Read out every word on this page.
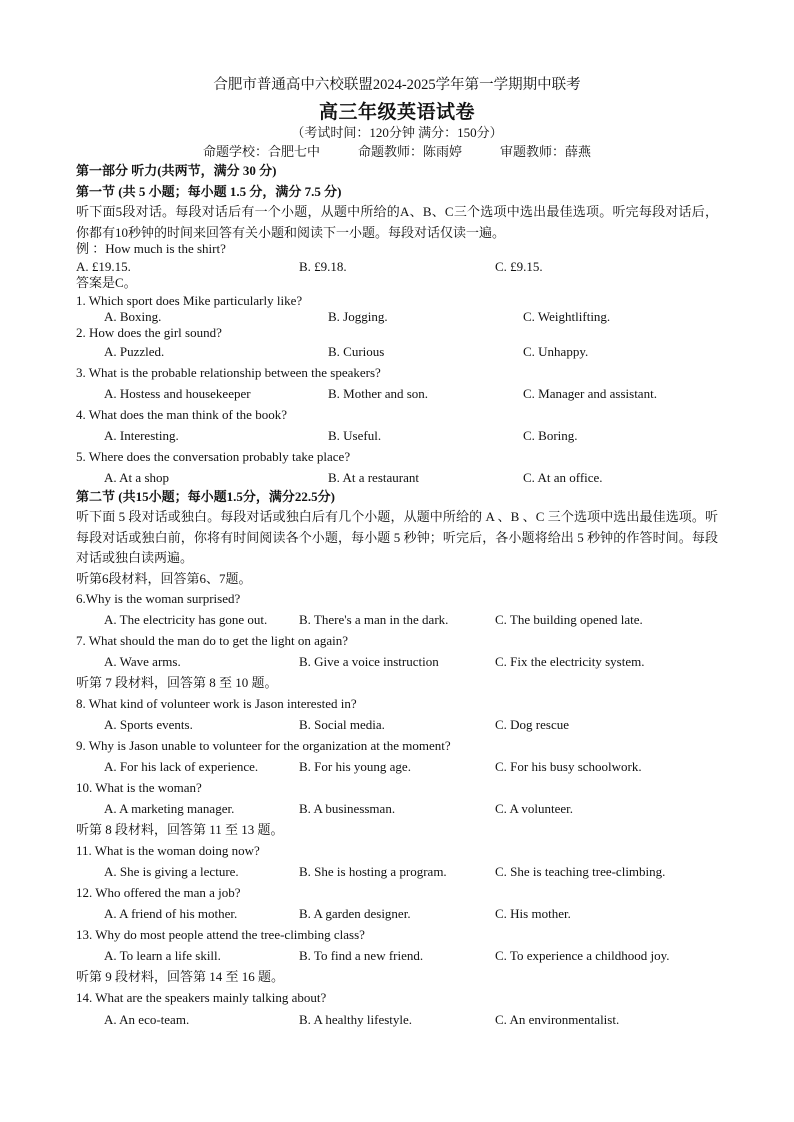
合肥市普通高中六校联盟2024-2025学年第一学期期中联考
高三年级英语试卷
（考试时间：120分钟 满分：150分）
命题学校：合肥七中	命题教师：陈雨婷	审题教师：薛燕
第一部分 听力(共两节，满分 30 分)
第一节 (共 5 小题；每小题 1.5 分，满分 7.5 分)
听下面5段对话。每段对话后有一个小题，从题中所给的A、B、C三个选项中选出最佳选项。听完每段对话后，你都有10秒钟的时间来回答有关小题和阅读下一小题。每段对话仅读一遍。
例 ：How much is the shirt?
A. £19.15.	B. £9.18.	C. £9.15.
答案是C。
1. Which sport does Mike particularly like?
A. Boxing.	B. Jogging.	C. Weightlifting.
2. How does the girl sound?
A. Puzzled.	B. Curious	C. Unhappy.
3. What is the probable relationship between the speakers?
A. Hostess and housekeeper	B. Mother and son.	C. Manager and assistant.
4. What does the man think of the book?
A. Interesting.	B. Useful.	C. Boring.
5. Where does the conversation probably take place?
A. At a shop	B. At a restaurant	C. At an office.
第二节 (共15小题；每小题1.5分，满分22.5分)
听下面 5 段对话或独白。每段对话或独白后有几个小题，从题中所给的 A 、B 、C 三个选项中选出最佳选项。听每段对话或独白前，你将有时间阅读各个小题，每小题 5 秒钟；听完后，各小题将给出 5 秒钟的作答时间。每段对话或独白读两遍。
听第6段材料，回答第6、7题。
6.Why is the woman surprised?
A. The electricity has gone out. B. There's a man in the dark.	C. The building opened late.
7. What should the man do to get the light on again?
A. Wave arms.	B. Give a voice instruction	C. Fix the electricity system.
听第 7 段材料，回答第 8 至 10 题。
8. What kind of volunteer work is Jason interested in?
A. Sports events.	B. Social media.	C. Dog rescue
9. Why is Jason unable to volunteer for the organization at the moment?
A. For his lack of experience.	B. For his young age.	C. For his busy schoolwork.
10. What is the woman?
A. A marketing manager.	B. A businessman.	C. A volunteer.
听第 8 段材料，回答第 11 至 13 题。
11. What is the woman doing now?
A. She is giving a lecture.	B. She is hosting a program.	C. She is teaching tree-climbing.
12. Who offered the man a job?
A. A friend of his mother.	B. A garden designer.	C. His mother.
13. Why do most people attend the tree-climbing class?
A. To learn a life skill.	B. To find a new friend.	C. To experience a childhood joy.
听第 9 段材料，回答第 14 至 16 题。
14. What are the speakers mainly talking about?
A. An eco-team.	B. A healthy lifestyle.	C. An environmentalist.
